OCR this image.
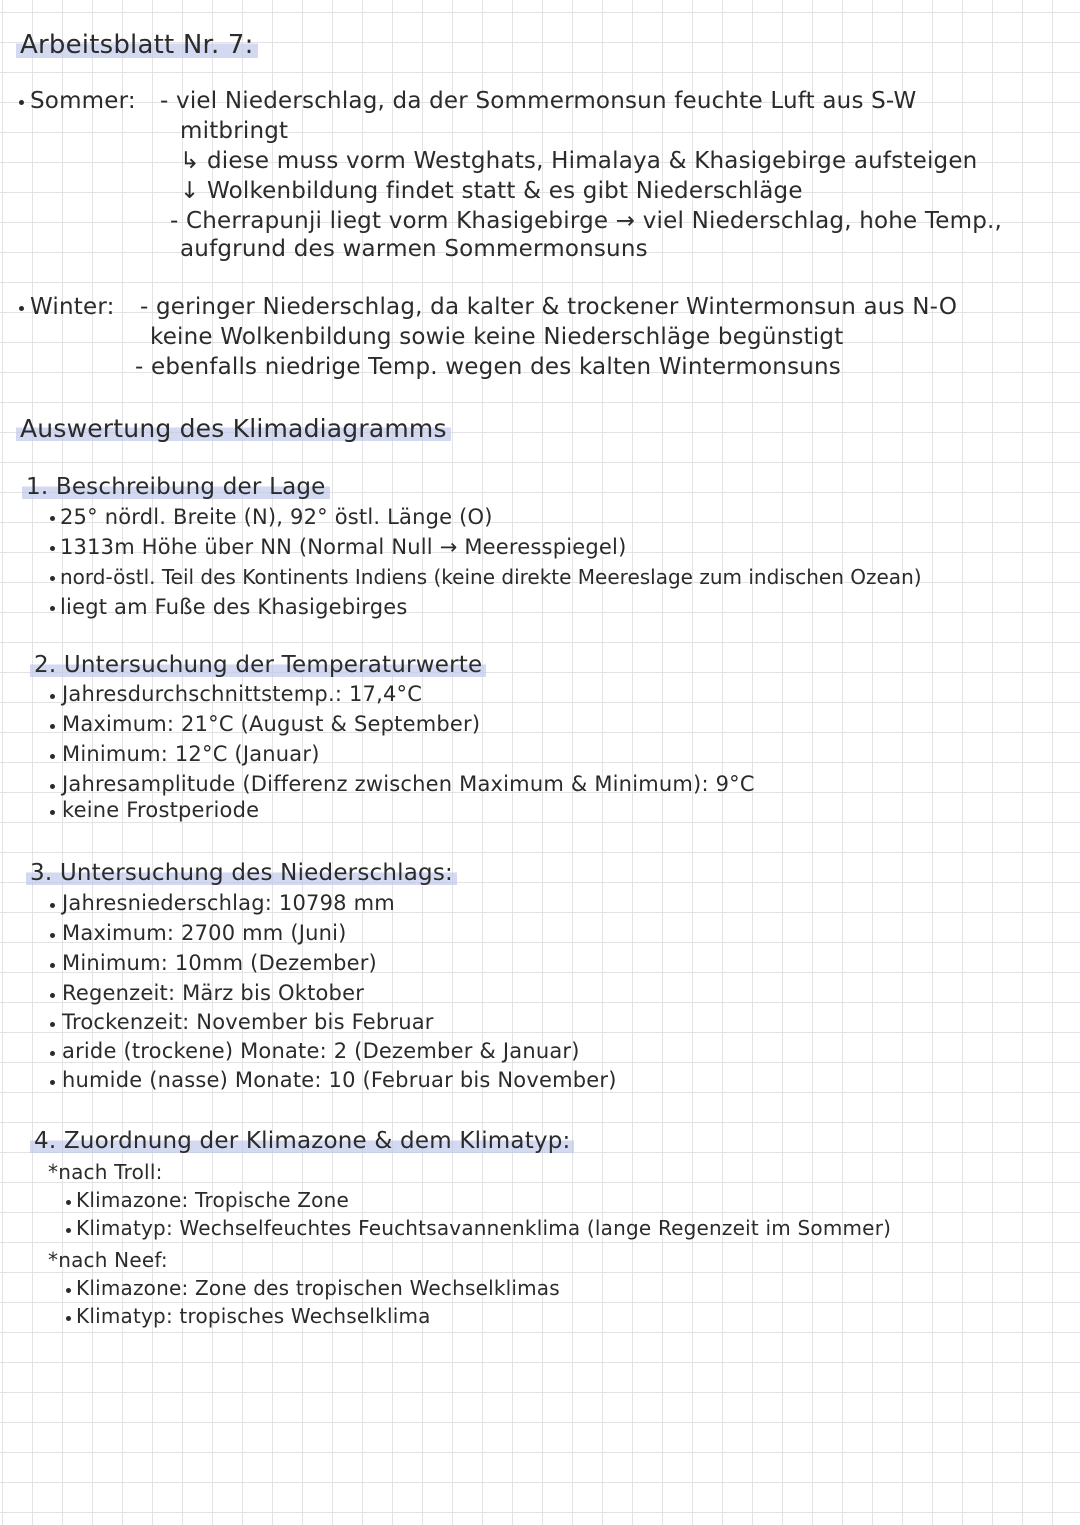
Arbeitsblatt Nr. 7:
Sommer: - viel Niederschlag, da der Sommermonsun feuchte Luft aus S-W
mitbringt
↳ diese muss vorm Westghats, Himalaya & Khasigebirge aufsteigen
↓ Wolkenbildung findet statt & es gibt Niederschläge
- Cherrapunji liegt vorm Khasigebirge → viel Niederschlag, hohe Temp.,
aufgrund des warmen Sommermonsuns
Winter: - geringer Niederschlag, da kalter & trockener Wintermonsun aus N-O
keine Wolkenbildung sowie keine Niederschläge begünstigt
- ebenfalls niedrige Temp. wegen des kalten Wintermonsuns
Auswertung des Klimadiagramms
1. Beschreibung der Lage
25° nördl. Breite (N), 92° östl. Länge (O)
1313m Höhe über NN (Normal Null → Meeresspiegel)
nord-östl. Teil des Kontinents Indiens (keine direkte Meereslage zum indischen Ozean)
liegt am Fuße des Khasigebirges
2. Untersuchung der Temperaturwerte
Jahresdurchschnittstemp.: 17,4°C
Maximum: 21°C (August & September)
Minimum: 12°C (Januar)
Jahresamplitude (Differenz zwischen Maximum & Minimum): 9°C
keine Frostperiode
3. Untersuchung des Niederschlags:
Jahresniederschlag: 10798 mm
Maximum: 2700 mm (Juni)
Minimum: 10mm (Dezember)
Regenzeit: März bis Oktober
Trockenzeit: November bis Februar
aride (trockene) Monate: 2 (Dezember & Januar)
humide (nasse) Monate: 10 (Februar bis November)
4. Zuordnung der Klimazone & dem Klimatyp:
*nach Troll:
Klimazone: Tropische Zone
Klimatyp: Wechselfeuchtes Feuchtsavannenklima (lange Regenzeit im Sommer)
*nach Neef:
Klimazone: Zone des tropischen Wechselklimas
Klimatyp: tropisches Wechselklima
